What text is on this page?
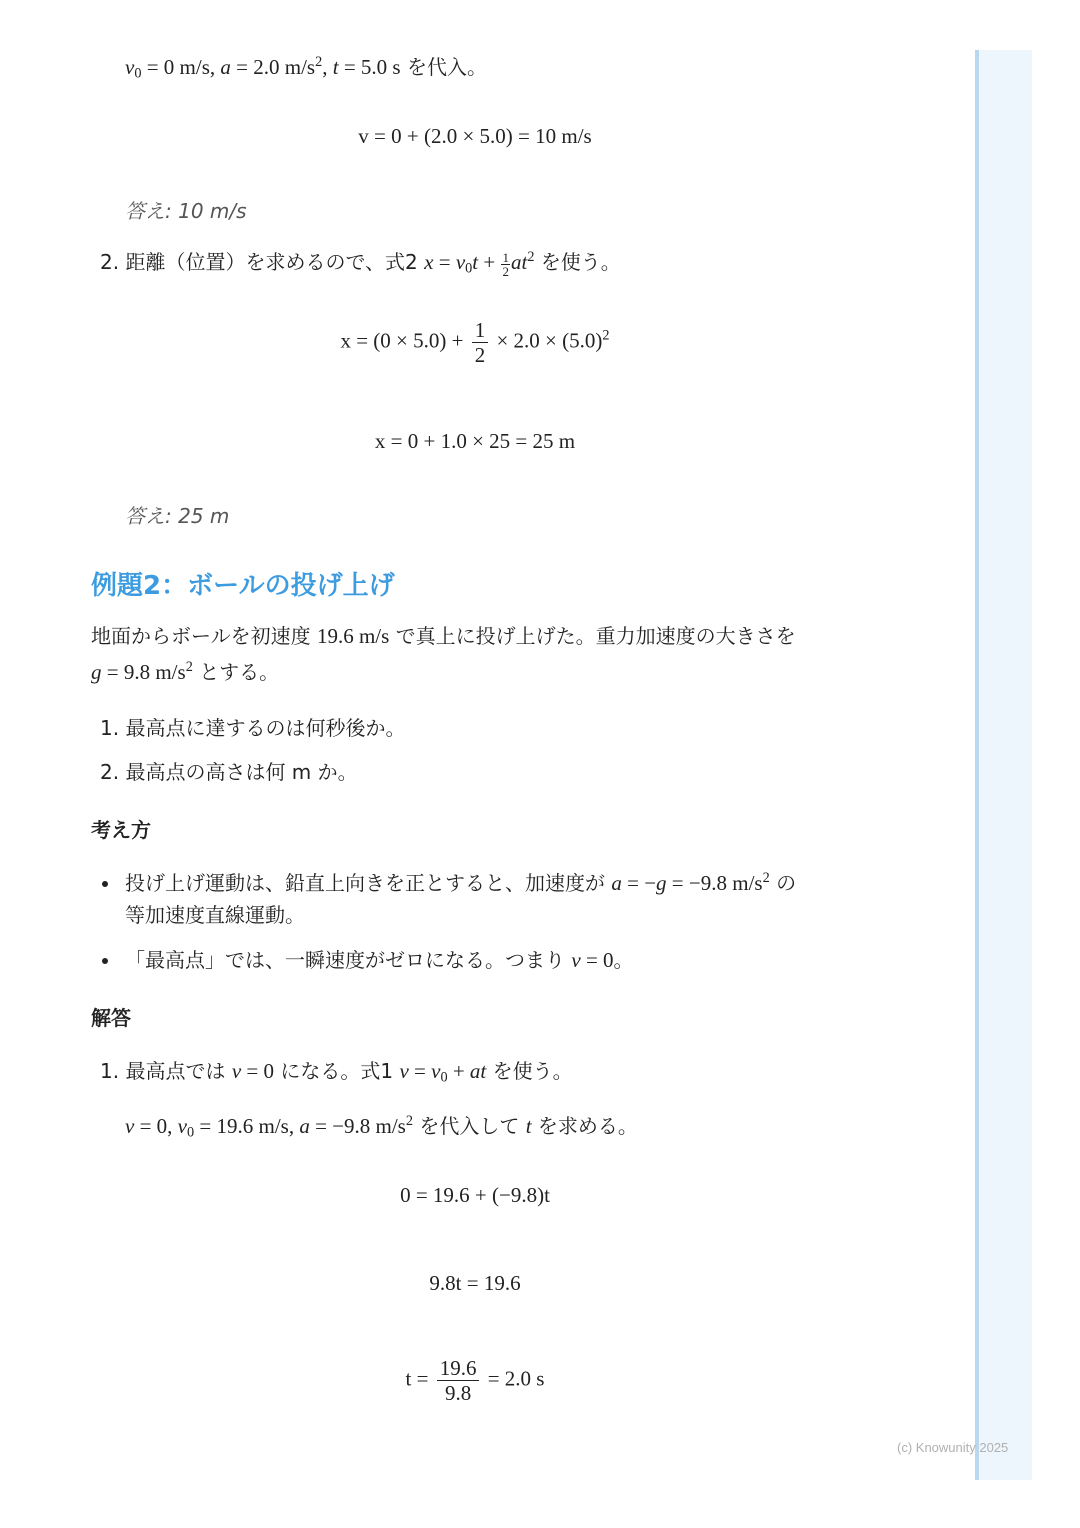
$v_0 = 0$ m/s, a = 2.0 $m/s^2$, t = 5.0 s を代入。
v = 0 + (2.0 × 5.0) = 10 m/s
答え: 10 m/s
2. 距離（位置）を求めるので、式2 $x = v_0t + \frac{1}{2} at^2$ を使う。
$x = (0 \times 5.0) + \frac{1}{2} \times 2.0 \times (5.0)^2$
x = 0 + 1.0 × 25 = 25 m
答え: 25 m
例題2：ボールの投げ上げ
地面からボールを初速度 19.6 m/s で真上に投げ上げた。重力加速度の大きさを
g = 9.8 $m/s^2$ とする。
1. 最高点に達するのは何秒後か。
2. 最高点の高さは何 m か。
考え方
投げ上げ運動は、鉛直上向きを正とすると、加速度が a = −g = −9.8 $m/s^2$ の
等加速度直線運動。
「最高点」では、一瞬速度がゼロになる。つまり v = 0。
解答
1. 最高点では v = 0 になる。式1 $v = v_0$ + at を使う。
v = 0, $v_0 = 19.6$ m/s, a = −9.8 $m/s^2$ を代入して t を求める。
0 = 19.6 + (−9.8)t
9.8t = 19.6
$t = \frac{19.6}{9.8} = 2.0$ s
(c) Knowunity 2025
